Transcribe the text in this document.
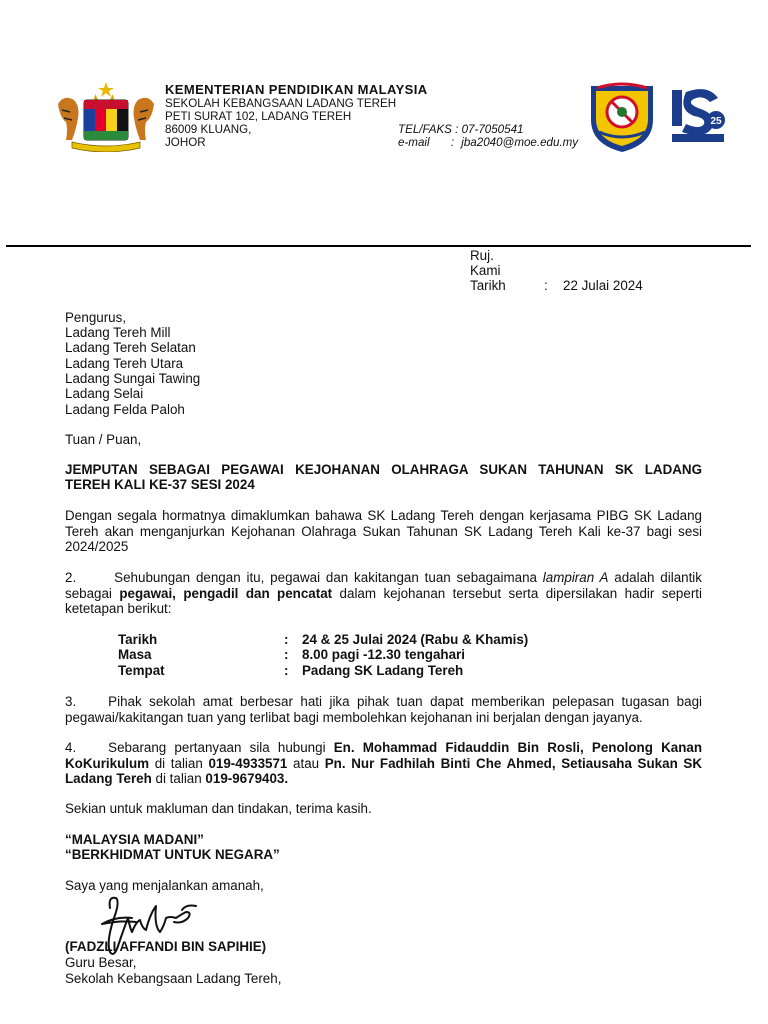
25
KEMENTERIAN PENDIDIKAN MALAYSIA
SEKOLAH KEBANGSAAN LADANG TEREH
PETI SURAT 102, LADANG TEREH
86009 KLUANG,
JOHOR
TEL/FAKS : 07-7050541
e-mail : jba2040@moe.edu.my
Ruj.
Kami
Tarikh	: 22 Julai 2024
Pengurus,
Ladang Tereh Mill
Ladang Tereh Selatan
Ladang Tereh Utara
Ladang Sungai Tawing
Ladang Selai
Ladang Felda Paloh
Tuan / Puan,
JEMPUTAN SEBAGAI PEGAWAI KEJOHANAN OLAHRAGA SUKAN TAHUNAN SK LADANG
TEREH KALI KE-37 SESI 2024
Dengan segala hormatnya dimaklumkan bahawa SK Ladang Tereh dengan kerjasama PIBG SK Ladang Tereh akan menganjurkan Kejohanan Olahraga Sukan Tahunan SK Ladang Tereh Kali ke-37 bagi sesi 2024/2025
2.	Sehubungan dengan itu, pegawai dan kakitangan tuan sebagaimana lampiran A adalah dilantik sebagai pegawai, pengadil dan pencatat dalam kejohanan tersebut serta dipersilakan hadir seperti ketetapan berikut:
Tarikh	: 24 & 25 Julai 2024 (Rabu & Khamis)
Masa	: 8.00 pagi -12.30 tengahari
Tempat	: Padang SK Ladang Tereh
3. Pihak sekolah amat berbesar hati jika pihak tuan dapat memberikan pelepasan tugasan bagi pegawai/kakitangan tuan yang terlibat bagi membolehkan kejohanan ini berjalan dengan jayanya.
4. Sebarang pertanyaan sila hubungi En. Mohammad Fidauddin Bin Rosli, Penolong Kanan KoKurikulum di talian 019-4933571 atau Pn. Nur Fadhilah Binti Che Ahmed, Setiausaha Sukan SK Ladang Tereh di talian 019-9679403.
Sekian untuk makluman dan tindakan, terima kasih.
“MALAYSIA MADANI”
“BERKHIDMAT UNTUK NEGARA”
Saya yang menjalankan amanah,
(FADZLI AFFANDI BIN SAPIHIE)
Guru Besar,
Sekolah Kebangsaan Ladang Tereh,
